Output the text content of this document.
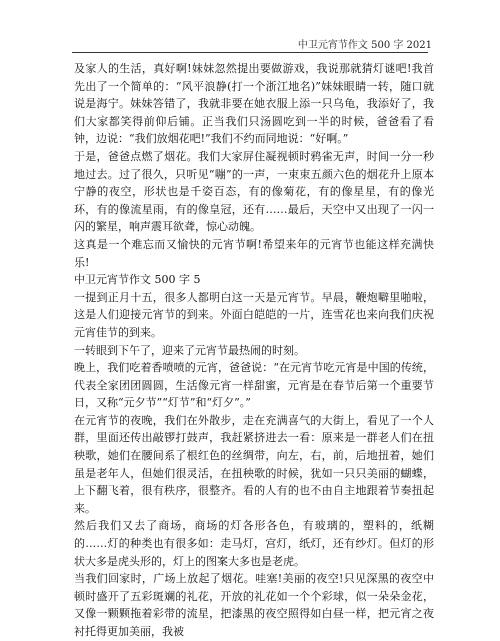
中卫元宵节作文 500 字 2021

及家人的生活，真好啊!妹妹忽然提出要做游戏，我说那就猜灯谜吧!我首先出了一个简单的：“风平浪静(打一个浙江地名)”妹妹眼睛一转，随口就说是海宁。妹妹答错了，我就非要在她衣服上添一只乌龟，我添好了，我们大家都笑得前仰后铺。正当我们只汤圆吃到一半的时候，爸爸看了看钟，边说：“我们放烟花吧!”我们不约而同地说：“好啊。”

于是，爸爸点燃了烟花。我们大家屏住凝视顿时鸦雀无声，时间一分一秒地过去。过了很久，只听见“嘣”的一声，一束束五颜六色的烟花升上原本宁静的夜空，形状也是千姿百态，有的像菊花，有的像星星，有的像光环，有的像流星雨，有的像皇冠，还有……最后，天空中又出现了一闪一闪的繁星，响声震耳欲聋，惊心动魄。

这真是一个难忘而又愉快的元宵节啊!希望来年的元宵节也能这样充满快乐!

中卫元宵节作文 500 字 5

一提到正月十五，很多人都明白这一天是元宵节。早晨，鞭炮噼里啪啦，这是人们迎接元宵节的到来。外面白皑皑的一片，连雪花也来向我们庆祝元宵佳节的到来。

一转眼到下午了，迎来了元宵节最热闹的时刻。

晚上，我们吃着香喷喷的元宵，爸爸说：“在元宵节吃元宵是中国的传统，代表全家团团圆圆，生活像元宵一样甜蜜，元宵是在春节后第一个重要节日，又称“元夕节”“灯节”和“灯夕”。”

在元宵节的夜晚，我们在外散步，走在充满喜气的大街上，看见了一个人群，里面还传出敲锣打鼓声，我赶紧挤进去一看：原来是一群老人们在扭秧歌，她们在腰间系了根红色的丝绸带，向左，右，前，后地扭着，她们虽是老年人，但她们很灵活，在扭秧歌的时候，犹如一只只美丽的蝴蝶，上下翻飞着，很有秩序，很整齐。看的人有的也不由自主地跟着节奏扭起来。

然后我们又去了商场，商场的灯各形各色，有玻璃的，塑料的，纸糊的……灯的种类也有很多如：走马灯，宫灯，纸灯，还有纱灯。但灯的形状大多是虎头形的，灯上的图案大多也是老虎。

当我们回家时，广场上放起了烟花。哇塞!美丽的夜空!只见深黑的夜空中顿时盛开了五彩斑斓的礼花，开放的礼花如一个个彩球，似一朵朵金花，又像一颗颗拖着彩带的流星，把漆黑的夜空照得如白昼一样，把元宵之夜衬托得更加美丽，我被
